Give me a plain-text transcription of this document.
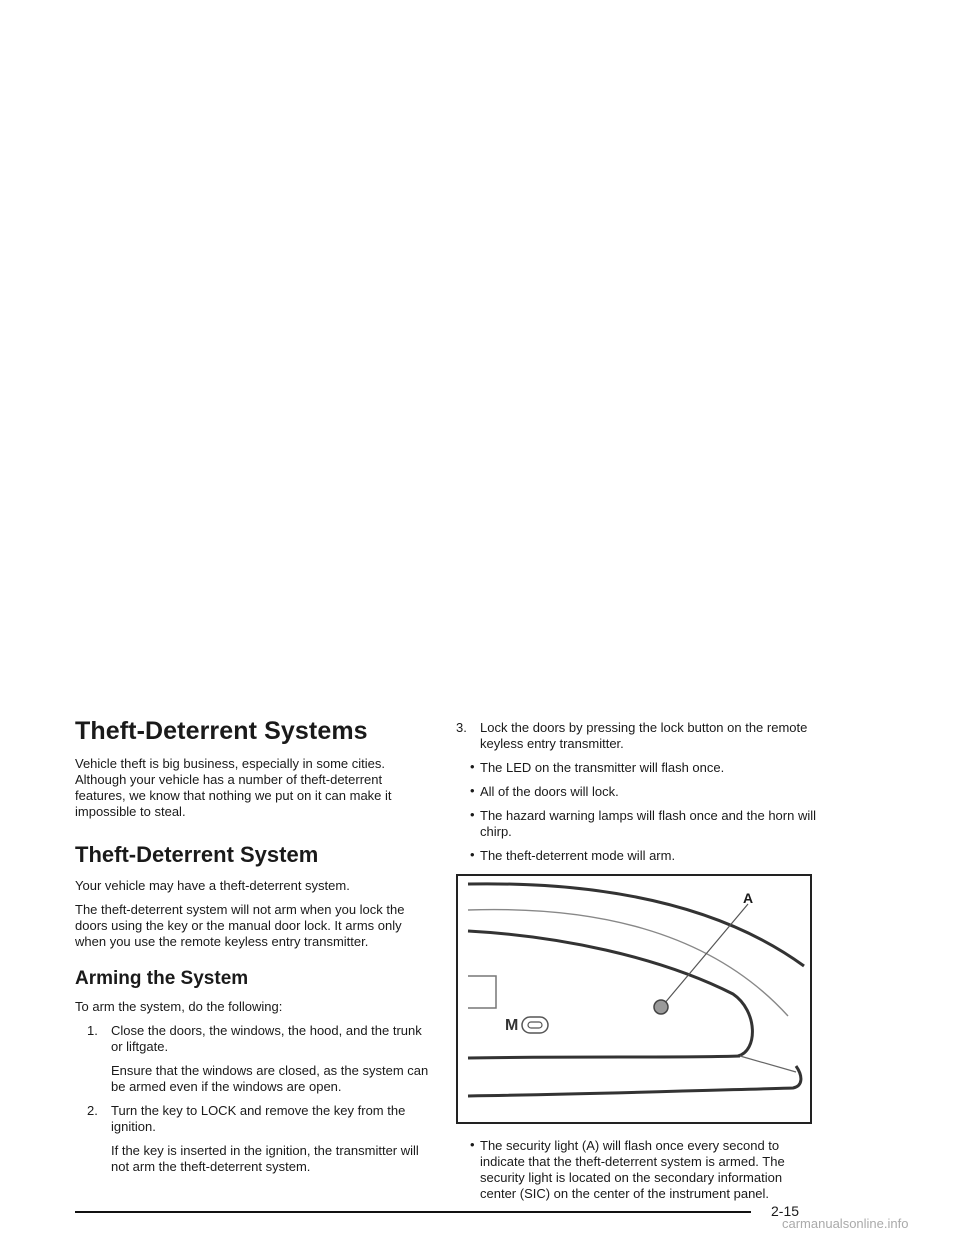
Theft-Deterrent Systems

Vehicle theft is big business, especially in some cities. Although your vehicle has a number of theft-deterrent features, we know that nothing we put on it can make it impossible to steal.

Theft-Deterrent System

Your vehicle may have a theft-deterrent system.

The theft-deterrent system will not arm when you lock the doors using the key or the manual door lock. It arms only when you use the remote keyless entry transmitter.

Arming the System

To arm the system, do the following:

1. Close the doors, the windows, the hood, and the trunk or liftgate.

Ensure that the windows are closed, as the system can be armed even if the windows are open.

2. Turn the key to LOCK and remove the key from the ignition.

If the key is inserted in the ignition, the transmitter will not arm the theft-deterrent system.

3. Lock the doors by pressing the lock button on the remote keyless entry transmitter.
• The LED on the transmitter will flash once.
• All of the doors will lock.
• The hazard warning lamps will flash once and the horn will chirp.
• The theft-deterrent mode will arm.
M
A
• The security light (A) will flash once every second to indicate that the theft-deterrent system is armed. The security light is located on the secondary information center (SIC) on the center of the instrument panel.
2-15
carmanualsonline.info
